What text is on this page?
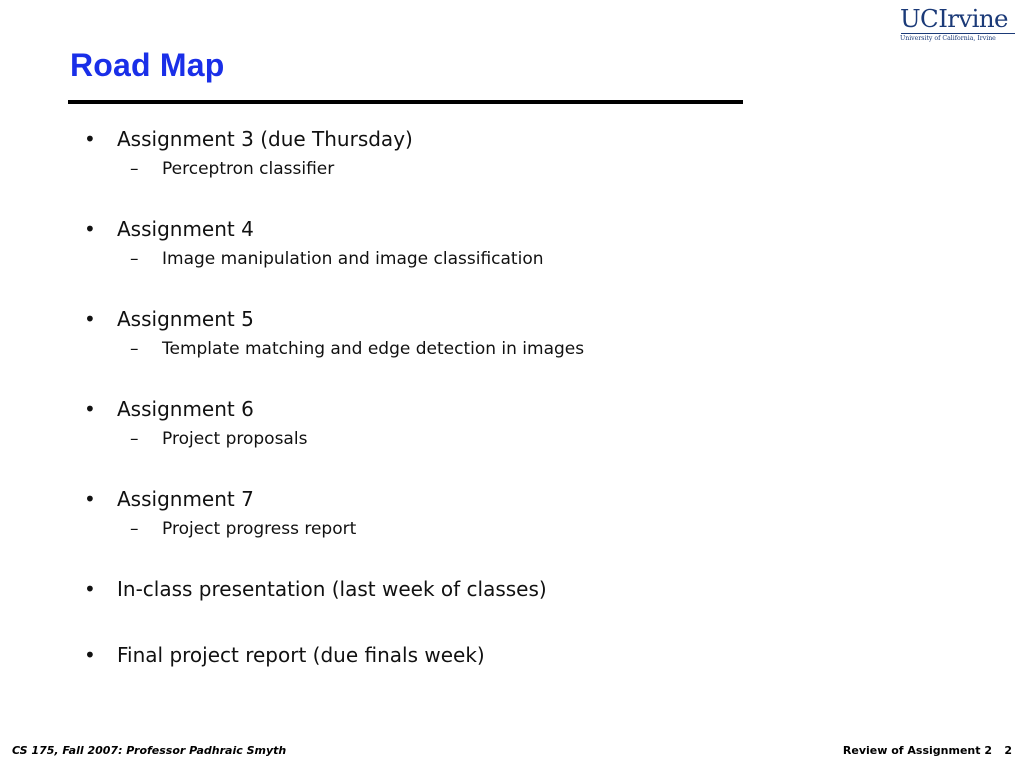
UCIrvine
University of California, Irvine
Road Map
• Assignment 3 (due Thursday)
– Perceptron classifier
• Assignment 4
– Image manipulation and image classification
• Assignment 5
– Template matching and edge detection in images
• Assignment 6
– Project proposals
• Assignment 7
– Project progress report
• In-class presentation (last week of classes)
• Final project report (due finals week)
CS 175, Fall 2007: Professor Padhraic Smyth	Review of Assignment 2 2
